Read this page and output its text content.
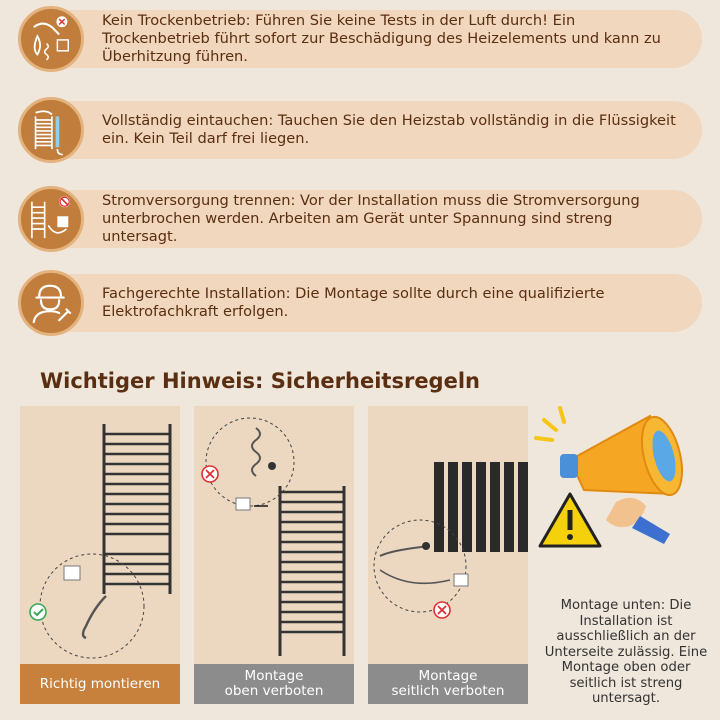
Kein Trockenbetrieb: Führen Sie keine Tests in der Luft durch! Ein Trockenbetrieb führt sofort zur Beschädigung des Heizelements und kann zu Überhitzung führen.
Vollständig eintauchen: Tauchen Sie den Heizstab vollständig in die Flüssigkeit ein. Kein Teil darf frei liegen.
Stromversorgung trennen: Vor der Installation muss die Stromversorgung unterbrochen werden. Arbeiten am Gerät unter Spannung sind streng untersagt.
Fachgerechte Installation: Die Montage sollte durch eine qualifizierte Elektrofachkraft erfolgen.
Wichtiger Hinweis: Sicherheitsregeln
Richtig montieren	Montage
oben verboten
Montage
seitlich verboten
Montage unten: Die Installation ist ausschließlich an der Unterseite zulässig. Eine Montage oben oder seitlich ist streng untersagt.
